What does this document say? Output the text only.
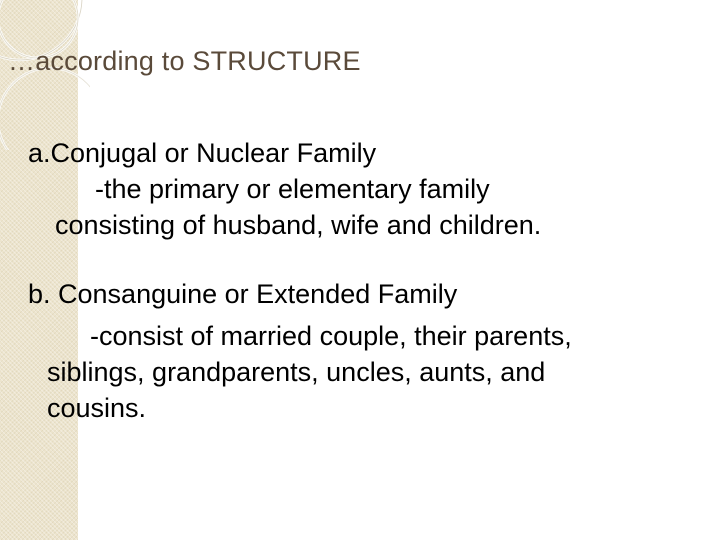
…according to STRUCTURE

a.Conjugal or Nuclear Family

-the primary or elementary family

consisting of husband, wife and children.

b. Consanguine or Extended Family

-consist of married couple, their parents,

siblings, grandparents, uncles, aunts, and

cousins.
